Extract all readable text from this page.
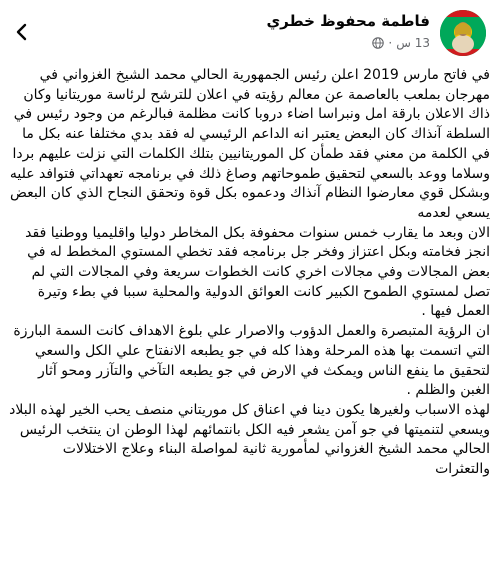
فاطمة محفوظ خطري
13 س
·

في فاتح مارس 2019 اعلن رئيس الجمهورية الحالي محمد الشيخ الغزواني في مهرجان بملعب بالعاصمة عن معالم رؤيته في اعلان للترشح لرئاسة موريتانيا وكان ذاك الاعلان بارقة امل ونبراسا اضاء دروبا كانت مظلمة فبالرغم من وجود رئيس في السلطة آنذاك كان البعض يعتبر انه الداعم الرئيسي له فقد بدي مختلفا عنه بكل ما في الكلمة من معني فقد طمأن كل الموريتانيين بتلك الكلمات التي نزلت عليهم بردا وسلاما ووعد بالسعي لتحقيق طموحاتهم وصاغ ذلك في برنامجه تعهداتي فتوافد عليه وبشكل قوي معارضوا النظام آنذاك ودعموه بكل قوة وتحقق النجاح الذي كان البعض يسعي لعدمه

الان وبعد ما يقارب خمس سنوات محفوفة بكل المخاطر دوليا واقليميا ووطنيا فقد انجز فخامته وبكل اعتزاز وفخر جل برنامجه فقد تخطي المستوي المخطط له في بعض المجالات وفي مجالات اخري كانت الخطوات سريعة وفي المجالات التي لم تصل لمستوي الطموح الكبير كانت العوائق الدولية والمحلية سببا في بطء وتيرة العمل فيها .

ان الرؤية المتبصرة والعمل الدؤوب والاصرار علي بلوغ الاهداف كانت السمة البارزة التي اتسمت بها هذه المرحلة وهذا كله في جو يطبعه الانفتاح علي الكل والسعي لتحقيق ما ينفع الناس ويمكث في الارض في جو يطبعه التآخي والتآزر ومحو آثار الغبن والظلم .

لهذه الاسباب ولغيرها يكون دينا في اعناق كل موريتاني منصف يحب الخير لهذه البلاد ويسعي لتنميتها في جو آمن يشعر فيه الكل بانتمائهم لهذا الوطن ان ينتخب الرئيس الحالي محمد الشيخ الغزواني لمأمورية ثانية لمواصلة البناء وعلاج الاختلالات والتعثرات
